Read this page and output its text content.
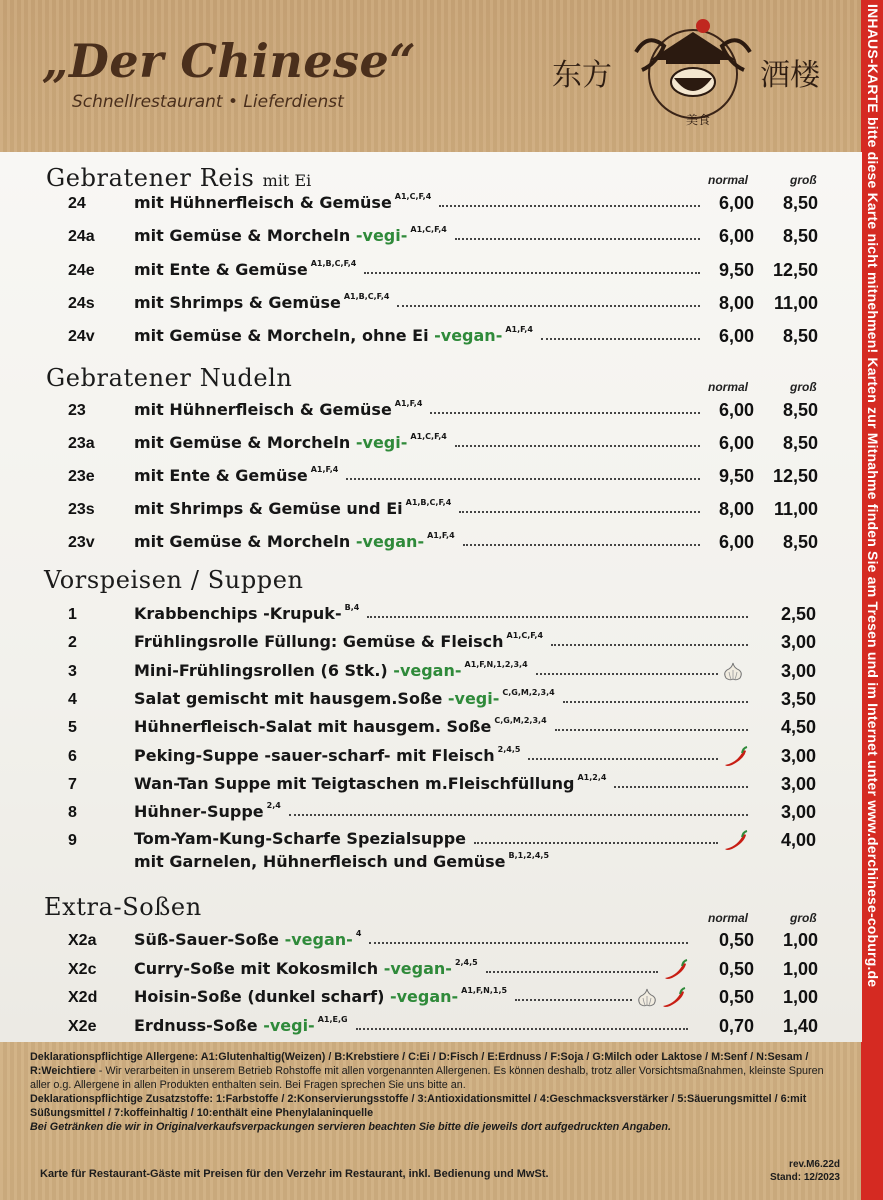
„Der Chinese“
Schnellrestaurant • Lieferdienst
东方
美食
酒楼	INHAUS-KARTE bitte diese Karte nicht mitnehmen! Karten zur Mitnahme finden Sie am Tresen und im Internet unter www.derchinese-coburg.de
Gebratener Reis mit Ei	normal	groß
24	mit Hühnerfleisch & Gemüse $^{A1,C,F,4}$	6,00	8,50
24a mit Gemüse & Morcheln -vegi- $^{A1,C,F,4}$	6,00	8,50
24e mit Ente & Gemüse $^{A1,B,C,F,4}$	9,50	12,50
24s mit Shrimps & Gemüse $^{A1,B,C,F,4}$	8,00	11,00
24v mit Gemüse & Morcheln, ohne Ei -vegan- $^{A1,F,4}$	6,00	8,50
Gebratener Nudeln	normal	groß
23	mit Hühnerfleisch & Gemüse $^{A1,F,4}$	6,00	8,50
23a mit Gemüse & Morcheln -vegi- $^{A1,C,F,4}$	6,00	8,50
23e mit Ente & Gemüse $^{A1,F,4}$	9,50	12,50
23s mit Shrimps & Gemüse und Ei $^{A1,B,C,F,4}$	8,00	11,00
23v mit Gemüse & Morcheln -vegan- $^{A1,F,4}$	6,00	8,50
Vorspeisen / Suppen
1	Krabbenchips -Krupuk- $^{B,4}$	2,50
2	Frühlingsrolle Füllung: Gemüse & Fleisch $^{A1,C,F,4}$	3,00
3	Mini-Frühlingsrollen (6 Stk.) -vegan- $^{A1,F,N,1,2,3,4}$	3,00
4	Salat gemischt mit hausgem.Soße -vegi- $^{C,G,M,2,3,4}$	3,50
5	Hühnerfleisch-Salat mit hausgem. Soße $^{C,G,M,2,3,4}$	4,50
6	Peking-Suppe -sauer-scharf- mit Fleisch $^{2,4,5}$	3,00
7	Wan-Tan Suppe mit Teigtaschen m.Fleischfüllung $^{A1,2,4}$	3,00
8	Hühner-Suppe $^{2,4}$	3,00
9	Tom-Yam-Kung-Scharfe Spezialsuppe	4,00
mit Garnelen, Hühnerfleisch und Gemüse $^{B,1,2,4,5}$
Extra-Soßen	normal	groß
X2a Süß-Sauer-Soße -vegan- $^4$	0,50	1,00
X2c Curry-Soße mit Kokosmilch -vegan- $^{2,4,5}$	0,50	1,00
X2d Hoisin-Soße (dunkel scharf) -vegan- $^{A1,F,N,1,5}$	0,50	1,00
X2e Erdnuss-Soße -vegi- $^{A1,E,G}$	0,70	1,40
Deklarationspflichtige Allergene: A1:Glutenhaltig(Weizen) / B:Krebstiere / C:Ei / D:Fisch / E:Erdnuss / F:Soja / G:Milch oder Laktose / M:Senf / N:Sesam / R:Weichtiere - Wir verarbeiten in unserem Betrieb Rohstoffe mit allen vorgenannten Allergenen. Es können deshalb, trotz aller Vorsichtsmaßnahmen, kleinste Spuren aller o.g. Allergene in allen Produkten enthalten sein. Bei Fragen sprechen Sie uns bitte an.
Deklarationspflichtige Zusatzstoffe: 1:Farbstoffe / 2:Konservierungsstoffe / 3:Antioxidationsmittel / 4:Geschmacksverstärker / 5:Säuerungsmittel / 6:mit Süßungsmittel / 7:koffeinhaltig / 10:enthält eine Phenylalaninquelle
Bei Getränken die wir in Originalverkaufsverpackungen servieren beachten Sie bitte die jeweils dort aufgedruckten Angaben.
Karte für Restaurant-Gäste mit Preisen für den Verzehr im Restaurant, inkl. Bedienung und MwSt.
rev.M6.22d
Stand: 12/2023
